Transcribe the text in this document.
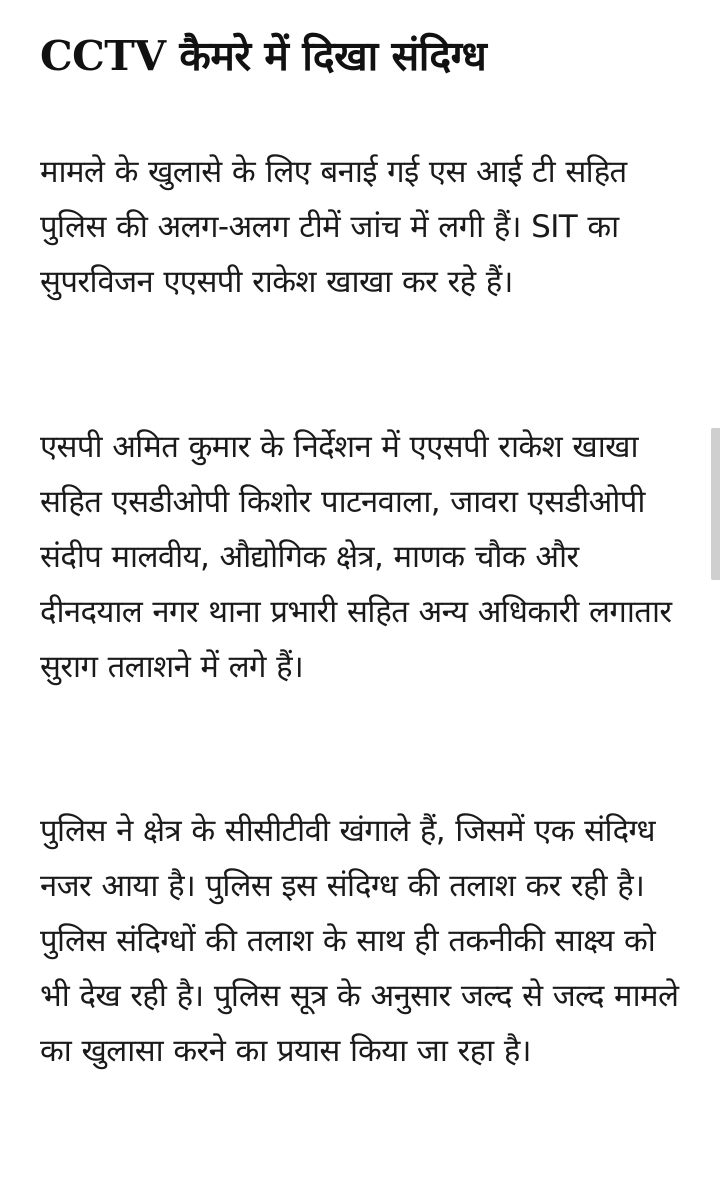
CCTV कैमरे में दिखा संदिग्ध

मामले के खुलासे के लिए बनाई गई एस आई टी सहित पुलिस की अलग-अलग टीमें जांच में लगी हैं। SIT का सुपरविजन एएसपी राकेश खाखा कर रहे हैं।

एसपी अमित कुमार के निर्देशन में एएसपी राकेश खाखा सहित एसडीओपी किशोर पाटनवाला, जावरा एसडीओपी संदीप मालवीय, औद्योगिक क्षेत्र, माणक चौक और दीनदयाल नगर थाना प्रभारी सहित अन्य अधिकारी लगातार सुराग तलाशने में लगे हैं।

पुलिस ने क्षेत्र के सीसीटीवी खंगाले हैं, जिसमें एक संदिग्ध नजर आया है। पुलिस इस संदिग्ध की तलाश कर रही है। पुलिस संदिग्धों की तलाश के साथ ही तकनीकी साक्ष्य को भी देख रही है। पुलिस सूत्र के अनुसार जल्द से जल्द मामले का खुलासा करने का प्रयास किया जा रहा है।
